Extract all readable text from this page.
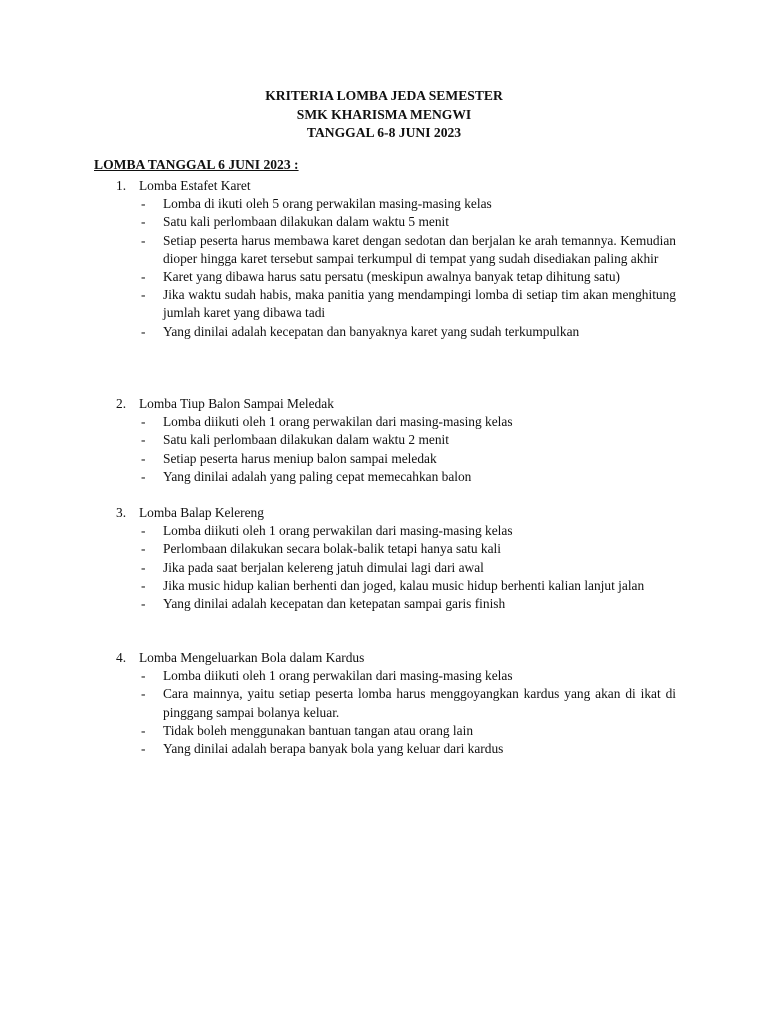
KRITERIA LOMBA JEDA SEMESTER
SMK KHARISMA MENGWI
TANGGAL 6-8 JUNI 2023
LOMBA TANGGAL 6 JUNI 2023 :
1. Lomba Estafet Karet
- Lomba di ikuti oleh 5 orang perwakilan masing-masing kelas
- Satu kali perlombaan dilakukan dalam waktu 5 menit
- Setiap peserta harus membawa karet dengan sedotan dan berjalan ke arah temannya. Kemudian dioper hingga karet tersebut sampai terkumpul di tempat yang sudah disediakan paling akhir
- Karet yang dibawa harus satu persatu (meskipun awalnya banyak tetap dihitung satu)
- Jika waktu sudah habis, maka panitia yang mendampingi lomba di setiap tim akan menghitung jumlah karet yang dibawa tadi
- Yang dinilai adalah kecepatan dan banyaknya karet yang sudah terkumpulkan
2. Lomba Tiup Balon Sampai Meledak
- Lomba diikuti oleh 1 orang perwakilan dari masing-masing kelas
- Satu kali perlombaan dilakukan dalam waktu 2 menit
- Setiap peserta harus meniup balon sampai meledak
- Yang dinilai adalah yang paling cepat memecahkan balon
3. Lomba Balap Kelereng
- Lomba diikuti oleh 1 orang perwakilan dari masing-masing kelas
- Perlombaan dilakukan secara bolak-balik tetapi hanya satu kali
- Jika pada saat berjalan kelereng jatuh dimulai lagi dari awal
- Jika music hidup kalian berhenti dan joged, kalau music hidup berhenti kalian lanjut jalan
- Yang dinilai adalah kecepatan dan ketepatan sampai garis finish
4. Lomba Mengeluarkan Bola dalam Kardus
- Lomba diikuti oleh 1 orang perwakilan dari masing-masing kelas
- Cara mainnya, yaitu setiap peserta lomba harus menggoyangkan kardus yang akan di ikat di pinggang sampai bolanya keluar.
- Tidak boleh menggunakan bantuan tangan atau orang lain
- Yang dinilai adalah berapa banyak bola yang keluar dari kardus
